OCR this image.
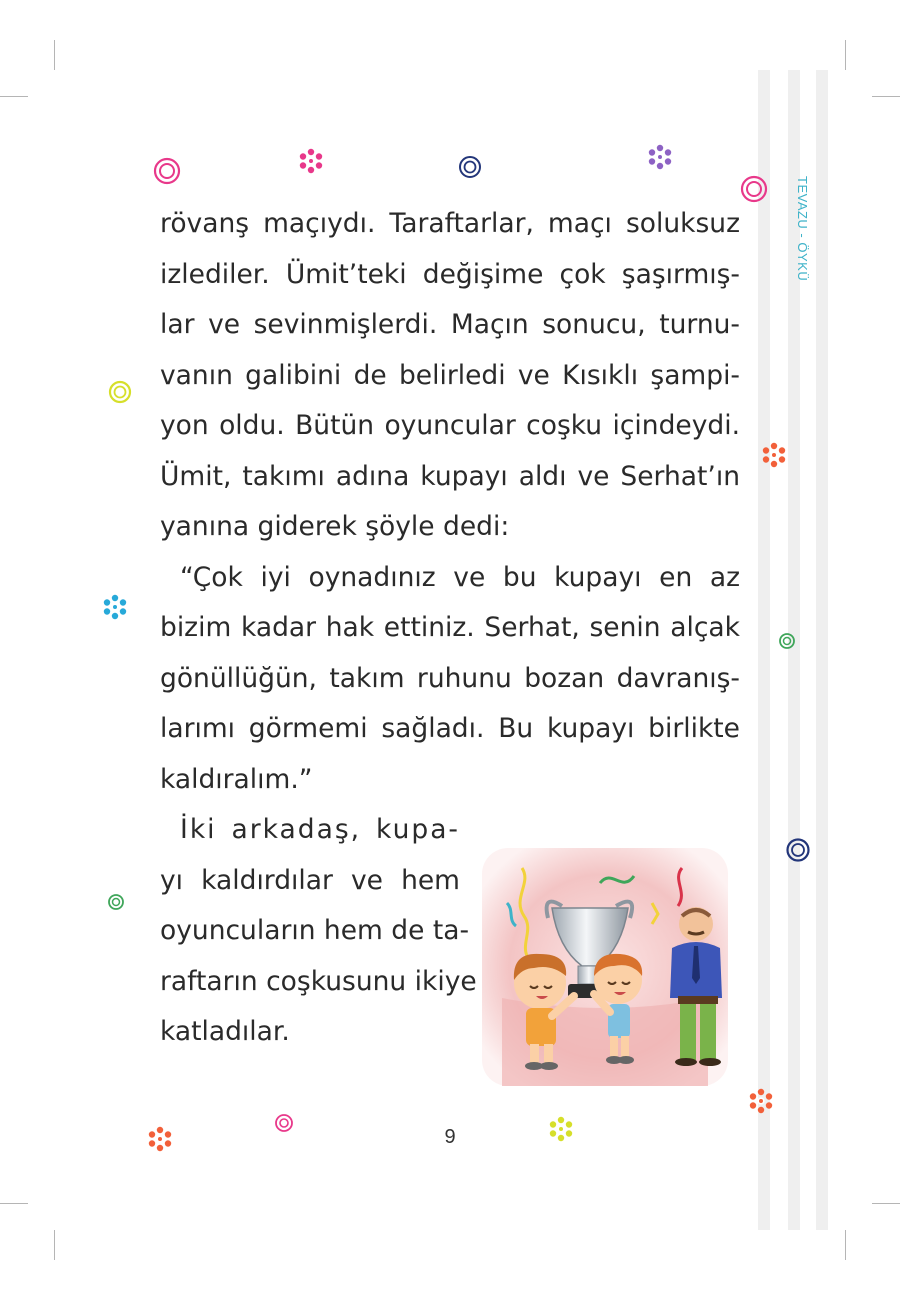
TEVAZU - ÖYKÜ

rövanş maçıydı. Taraftarlar, maçı soluksuz
izlediler. Ümit’teki değişime çok şaşırmış-
lar ve sevinmişlerdi. Maçın sonucu, turnu-
vanın galibini de belirledi ve Kısıklı şampi-
yon oldu. Bütün oyuncular coşku içindeydi.
Ümit, takımı adına kupayı aldı ve Serhat’ın
yanına giderek şöyle dedi:
“Çok iyi oynadınız ve bu kupayı en az
bizim kadar hak ettiniz. Serhat, senin alçak
gönüllüğün, takım ruhunu bozan davranış-
larımı görmemi sağladı. Bu kupayı birlikte
kaldıralım.”

İki arkadaş, kupa-
yı kaldırdılar ve hem
oyuncuların hem de ta-
raftarın coşkusunu ikiye
katladılar.

9
